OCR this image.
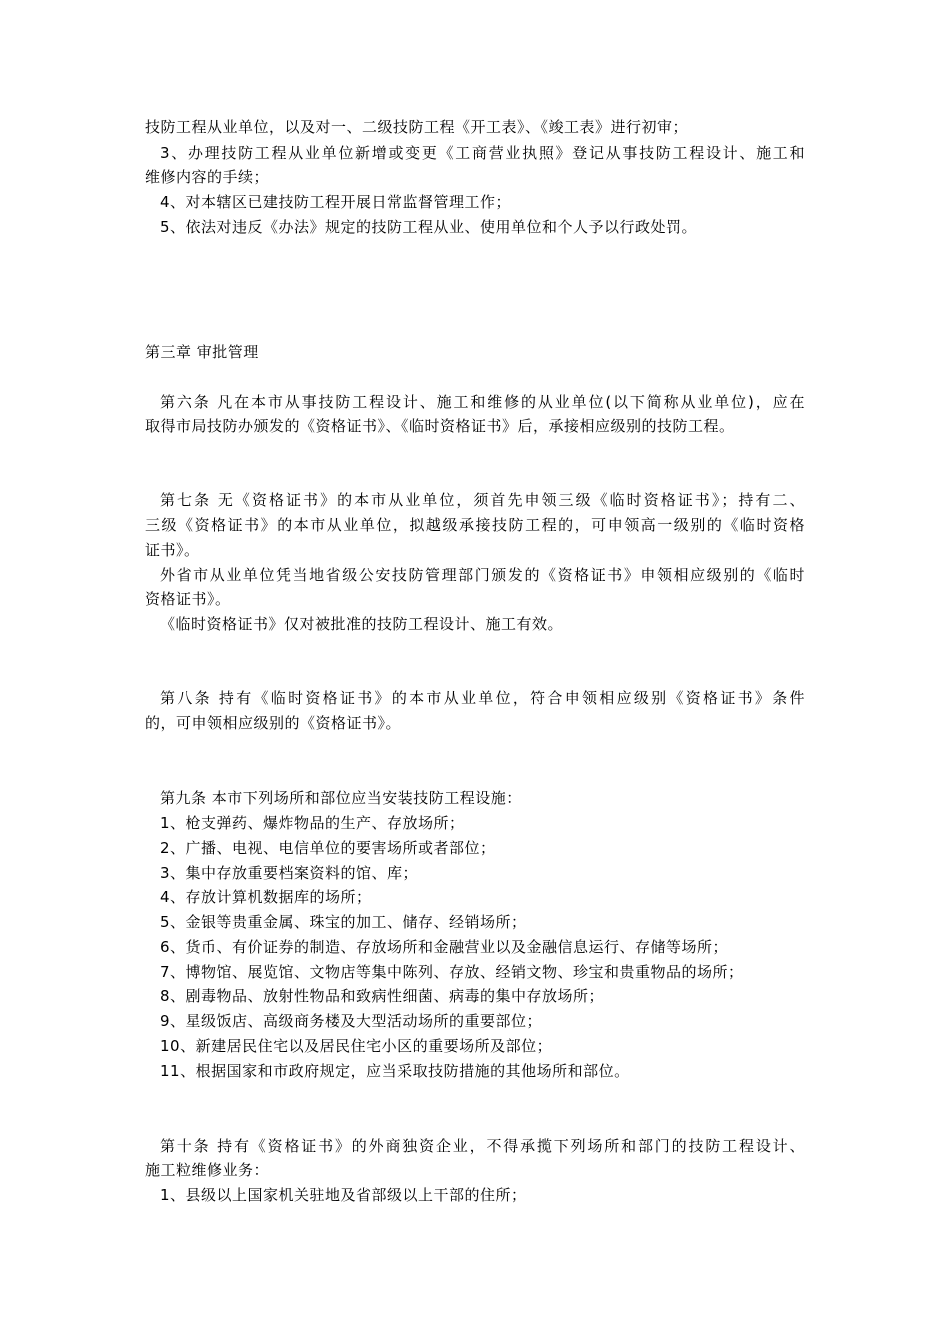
技防工程从业单位，以及对一、二级技防工程《开工表》、《竣工表》进行初审；

3、办理技防工程从业单位新增或变更《工商营业执照》登记从事技防工程设计、施工和

维修内容的手续；

4、对本辖区已建技防工程开展日常监督管理工作；

5、依法对违反《办法》规定的技防工程从业、使用单位和个人予以行政处罚。

第三章 审批管理

第六条 凡在本市从事技防工程设计、施工和维修的从业单位(以下简称从业单位)，应在

取得市局技防办颁发的《资格证书》、《临时资格证书》后，承接相应级别的技防工程。

第七条 无《资格证书》的本市从业单位，须首先申领三级《临时资格证书》；持有二、

三级《资格证书》的本市从业单位，拟越级承接技防工程的，可申领高一级别的《临时资格

证书》。

外省市从业单位凭当地省级公安技防管理部门颁发的《资格证书》申领相应级别的《临时

资格证书》。

《临时资格证书》仅对被批准的技防工程设计、施工有效。

第八条 持有《临时资格证书》的本市从业单位，符合申领相应级别《资格证书》条件

的，可申领相应级别的《资格证书》。

第九条 本市下列场所和部位应当安装技防工程设施：

1、枪支弹药、爆炸物品的生产、存放场所；

2、广播、电视、电信单位的要害场所或者部位；

3、集中存放重要档案资料的馆、库；

4、存放计算机数据库的场所；

5、金银等贵重金属、珠宝的加工、储存、经销场所；

6、货币、有价证券的制造、存放场所和金融营业以及金融信息运行、存储等场所；

7、博物馆、展览馆、文物店等集中陈列、存放、经销文物、珍宝和贵重物品的场所；

8、剧毒物品、放射性物品和致病性细菌、病毒的集中存放场所；

9、星级饭店、高级商务楼及大型活动场所的重要部位；

10、新建居民住宅以及居民住宅小区的重要场所及部位；

11、根据国家和市政府规定，应当采取技防措施的其他场所和部位。

第十条 持有《资格证书》的外商独资企业，不得承揽下列场所和部门的技防工程设计、

施工粒维修业务：

1、县级以上国家机关驻地及省部级以上干部的住所；
